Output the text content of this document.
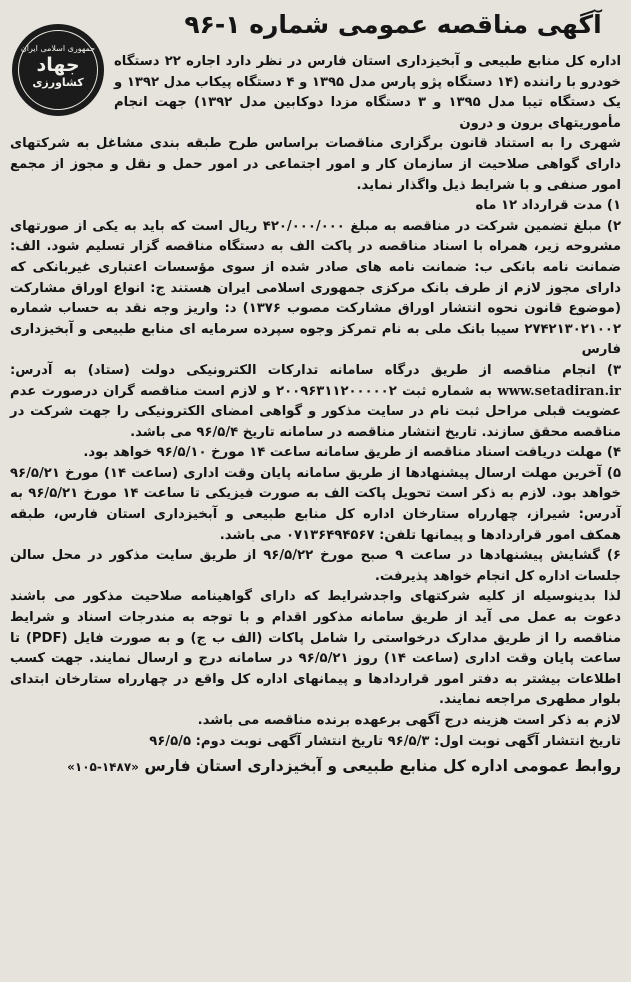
آگهی مناقصه عمومی شماره ۱-۹۶
جمهوری اسلامی ایران
جهاد
کشاورزی

اداره کل منابع طبیعی و آبخیزداری استان فارس در نظر دارد اجاره ۲۲ دستگاه خودرو با راننده (۱۴ دستگاه پژو پارس مدل ۱۳۹۵ و ۴ دستگاه پیکاب مدل ۱۳۹۲ و یک دستگاه تیبا مدل ۱۳۹۵ و ۳ دستگاه مزدا دوکابین مدل ۱۳۹۲) جهت انجام مأموریتهای برون و درون

شهری را به استناد قانون برگزاری مناقصات براساس طرح طبقه بندی مشاغل به شرکتهای دارای گواهی صلاحیت از سازمان کار و امور اجتماعی در امور حمل و نقل و مجوز از مجمع امور صنفی و با شرایط ذیل واگذار نماید.

۱) مدت قرارداد ۱۲ ماه

۲) مبلغ تضمین شرکت در مناقصه به مبلغ ۴۲۰/۰۰۰/۰۰۰ ریال است که باید به یکی از صورتهای مشروحه زیر، همراه با اسناد مناقصه در پاکت الف به دستگاه مناقصه گزار تسلیم شود. الف: ضمانت نامه بانکی ب: ضمانت نامه های صادر شده از سوی مؤسسات اعتباری غیربانکی که دارای مجوز لازم از طرف بانک مرکزی جمهوری اسلامی ایران هستند ج: انواع اوراق مشارکت (موضوع قانون نحوه انتشار اوراق مشارکت مصوب ۱۳۷۶) د: واریز وجه نقد به حساب شماره ۲۷۴۲۱۳۰۲۱۰۰۲ سیبا بانک ملی به نام تمرکز وجوه سپرده سرمایه ای منابع طبیعی و آبخیزداری فارس

۳) انجام مناقصه از طریق درگاه سامانه تدارکات الکترونیکی دولت (ستاد) به آدرس: www.setadiran.ir به شماره ثبت ۲۰۰۹۶۳۱۱۲۰۰۰۰۰۲ و لازم است مناقصه گران درصورت عدم عضویت قبلی مراحل ثبت نام در سایت مذکور و گواهی امضای الکترونیکی را جهت شرکت در مناقصه محقق سازند. تاریخ انتشار مناقصه در سامانه تاریخ ۹۶/۵/۴ می باشد.

۴) مهلت دریافت اسناد مناقصه از طریق سامانه ساعت ۱۴ مورخ ۹۶/۵/۱۰ خواهد بود.

۵) آخرین مهلت ارسال پیشنهادها از طریق سامانه پایان وقت اداری (ساعت ۱۴) مورخ ۹۶/۵/۲۱ خواهد بود. لازم به ذکر است تحویل پاکت الف به صورت فیزیکی تا ساعت ۱۴ مورخ ۹۶/۵/۲۱ به آدرس: شیراز، چهارراه ستارخان اداره کل منابع طبیعی و آبخیزداری استان فارس، طبقه همکف امور قراردادها و پیمانها تلفن: ۰۷۱۳۶۴۹۴۵۶۷ می باشد.

۶) گشایش پیشنهادها در ساعت ۹ صبح مورخ ۹۶/۵/۲۲ از طریق سایت مذکور در محل سالن جلسات اداره کل انجام خواهد پذیرفت.

لذا بدینوسیله از کلیه شرکتهای واجدشرایط که دارای گواهینامه صلاحیت مذکور می باشند دعوت به عمل می آید از طریق سامانه مذکور اقدام و با توجه به مندرجات اسناد و شرایط مناقصه را از طریق مدارک درخواستی را شامل پاکات (الف ب ج) و به صورت فایل (PDF) تا ساعت پایان وقت اداری (ساعت ۱۴) روز ۹۶/۵/۲۱ در سامانه درج و ارسال نمایند. جهت کسب اطلاعات بیشتر به دفتر امور قراردادها و پیمانهای اداره کل واقع در چهارراه ستارخان ابتدای بلوار مطهری مراجعه نمایند.

لازم به ذکر است هزینه درج آگهی برعهده برنده مناقصه می باشد.

تاریخ انتشار آگهی نوبت اول: ۹۶/۵/۳ تاریخ انتشار آگهی نوبت دوم: ۹۶/۵/۵

روابط عمومی اداره کل منابع طبیعی و آبخیزداری استان فارس «۱۴۸۷-۱۰۵»
